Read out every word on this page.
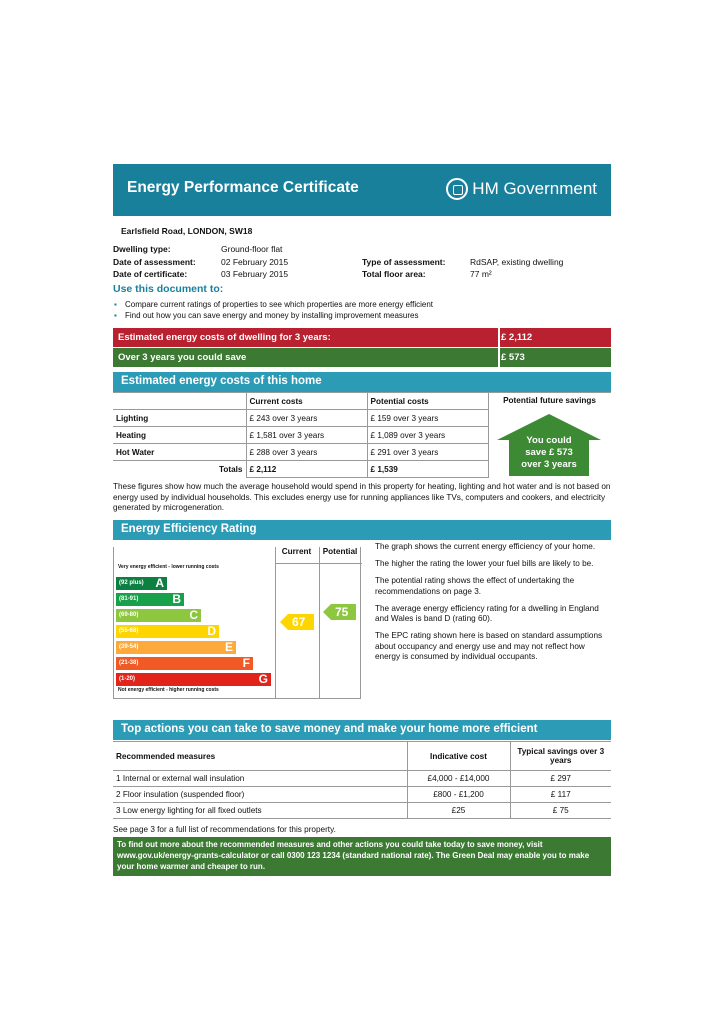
Energy Performance Certificate	HM Government
Earlsfield Road, LONDON, SW18
Dwelling type:	Ground-floor flat
Date of assessment:	02 February 2015
Date of certificate:	03 February 2015
Type of assessment:	RdSAP, existing dwelling
Total floor area:	77 m²
Use this document to:
▪ Compare current ratings of properties to see which properties are more energy efficient
▪ Find out how you can save energy and money by installing improvement measures
Estimated energy costs of dwelling for 3 years:	£ 2,112
Over 3 years you could save	£ 573
Estimated energy costs of this home
	Current costs	Potential costs
Lighting	£ 243 over 3 years	£ 159 over 3 years
Heating	£ 1,581 over 3 years	£ 1,089 over 3 years
Hot Water	£ 288 over 3 years	£ 291 over 3 years
Totals	£ 2,112	£ 1,539
Potential future savings
You could
save £ 573
over 3 years
These figures show how much the average household would spend in this property for heating, lighting and hot water and is not based on energy used by individual households. This excludes energy use for running appliances like TVs, computers and cookers, and electricity generated by microgeneration.
Energy Efficiency Rating
Current	Potential
Very energy efficient - lower running costs
Not energy efficient - higher running costs
(92 plus) A
(81-91)	B
(69-80)	C
(55-68)	D
(39-54)	E
(21-38)	F
(1-20)	G
67
75

The graph shows the current energy efficiency of your home.

The higher the rating the lower your fuel bills are likely to be.

The potential rating shows the effect of undertaking the recommendations on page 3.

The average energy efficiency rating for a dwelling in England and Wales is band D (rating 60).

The EPC rating shown here is based on standard assumptions about occupancy and energy use and may not reflect how energy is consumed by individual occupants.

Top actions you can take to save money and make your home more efficient
Recommended measures	Indicative cost	Typical savings over 3 years
1 Internal or external wall insulation	£4,000 - £14,000	£ 297
2 Floor insulation (suspended floor)	£800 - £1,200	£ 117
3 Low energy lighting for all fixed outlets	£25	£ 75
See page 3 for a full list of recommendations for this property.
To find out more about the recommended measures and other actions you could take today to save money, visit www.gov.uk/energy-grants-calculator or call 0300 123 1234 (standard national rate). The Green Deal may enable you to make your home warmer and cheaper to run.
